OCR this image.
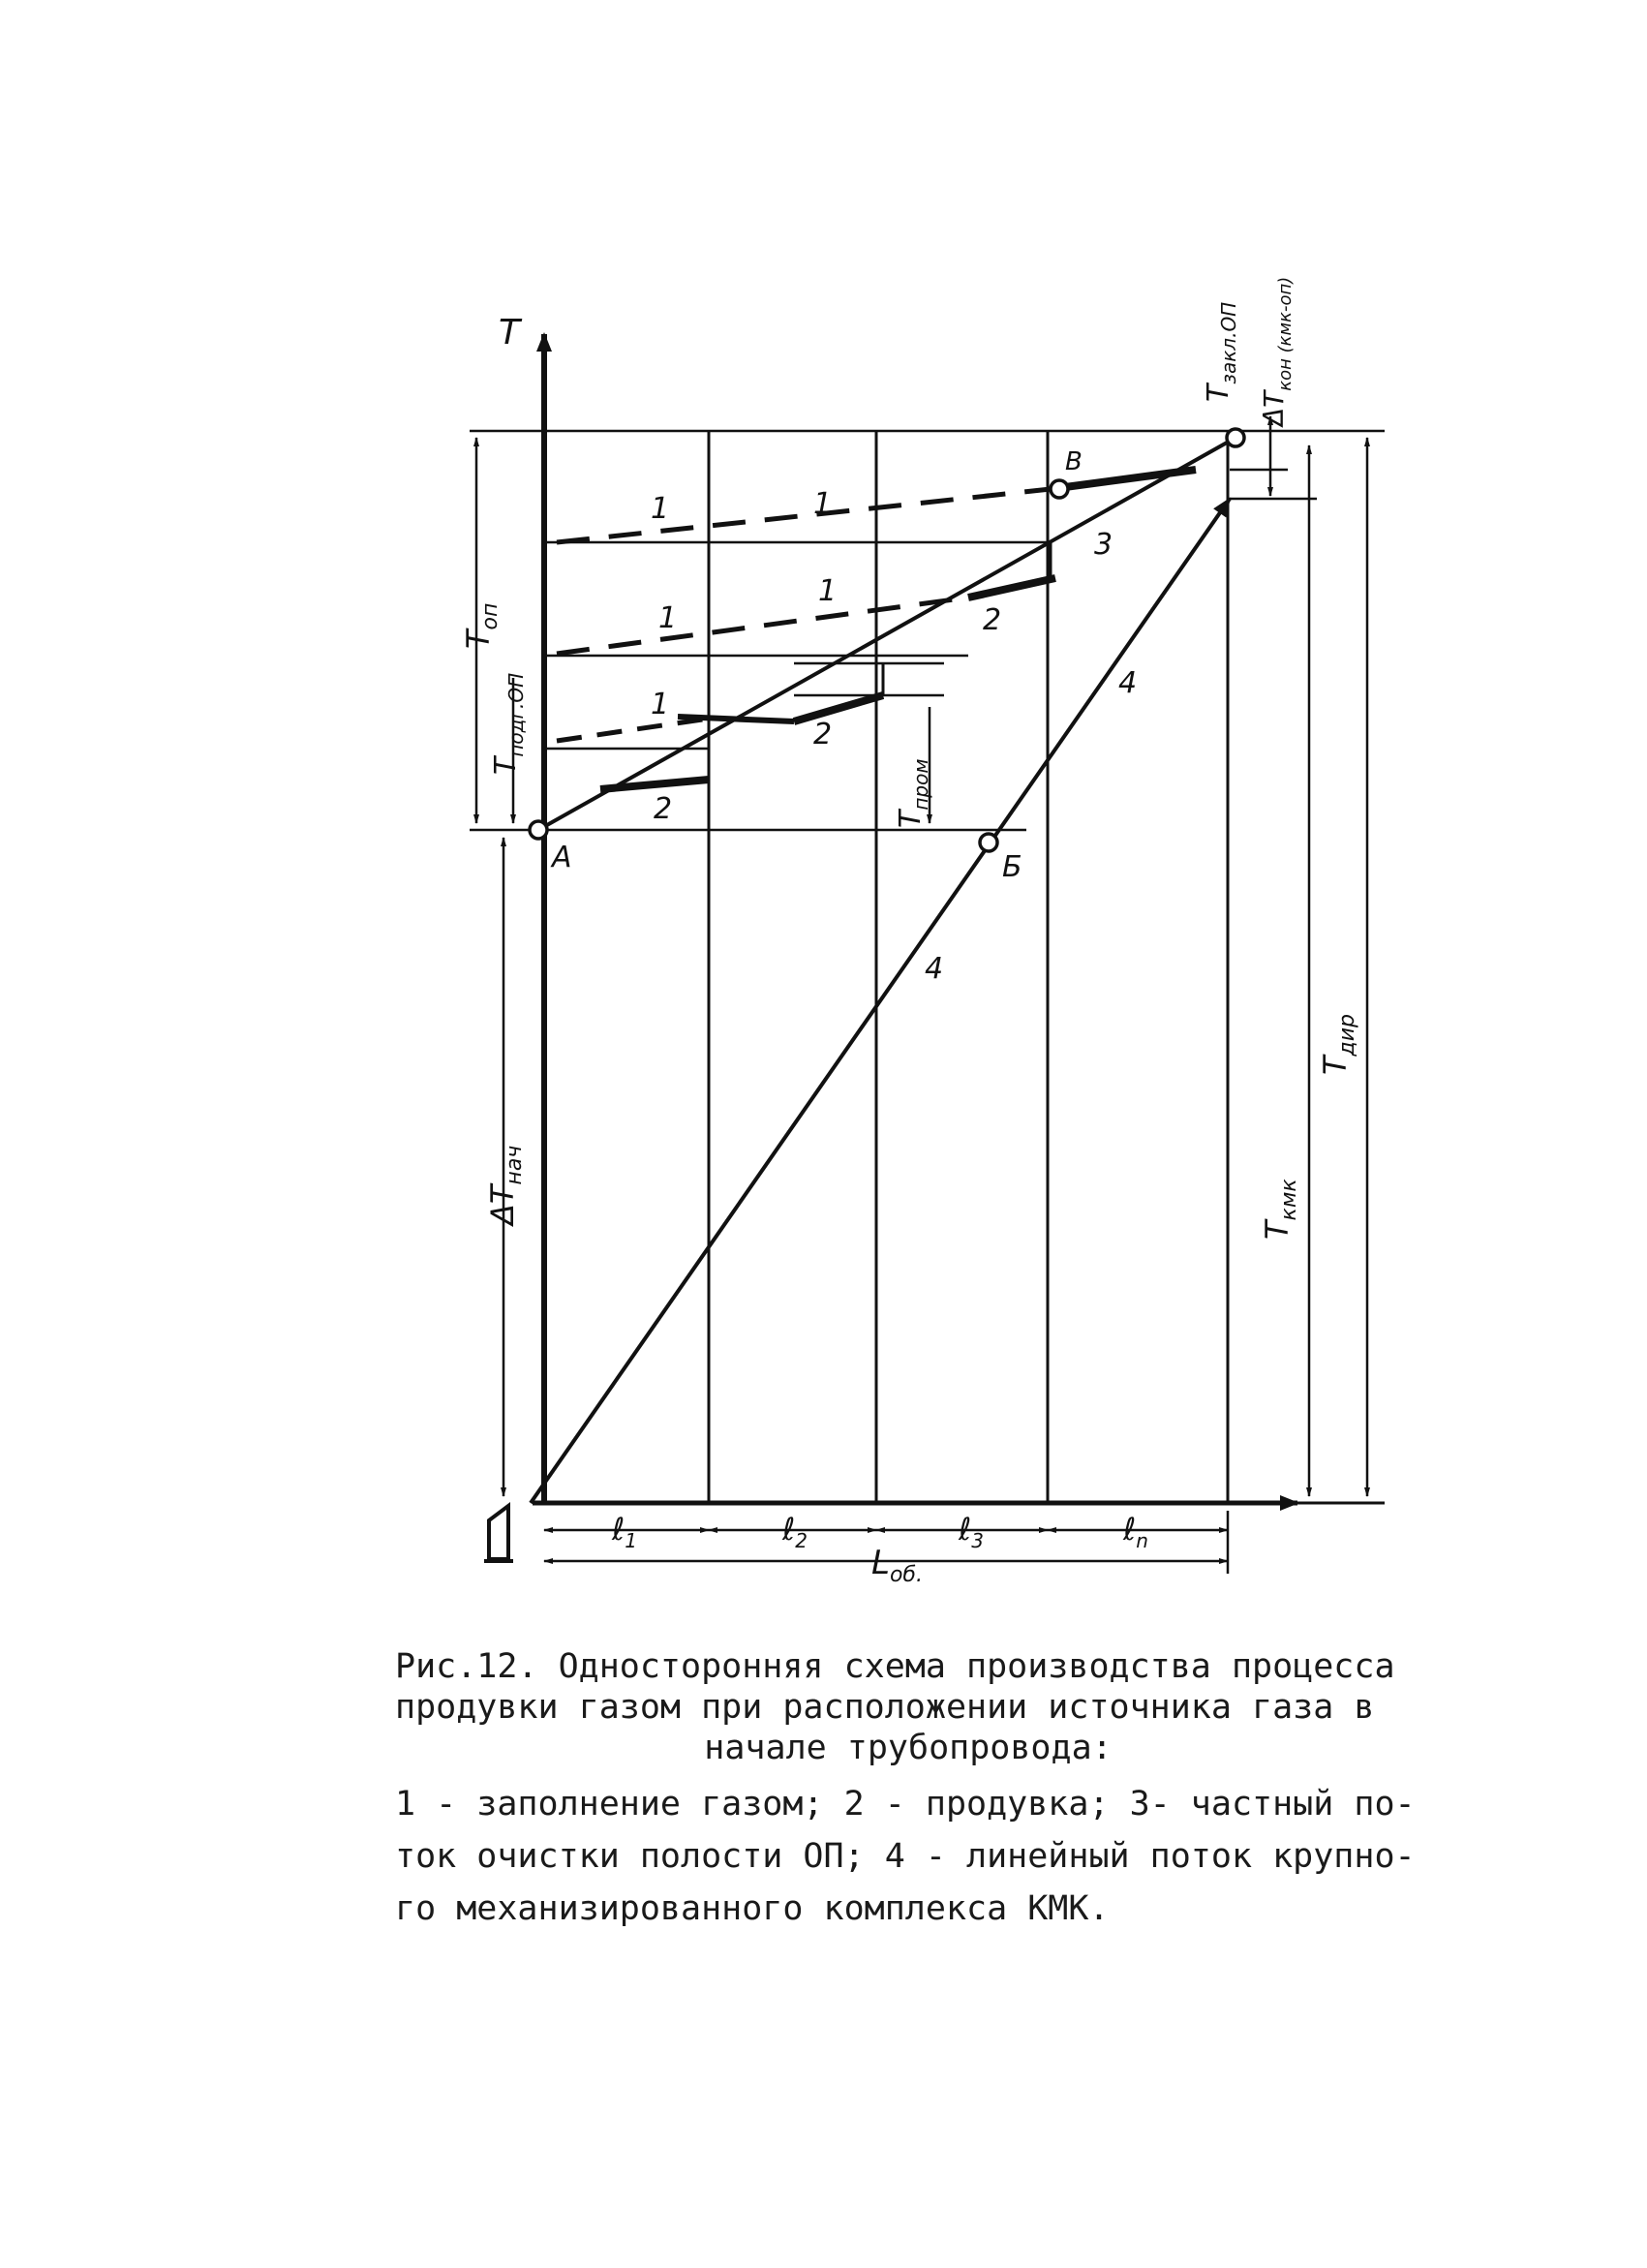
T
A	Б
В
$T_{оп}$
$T_{подг.ОП}$
$\Delta T_{нач}$
$T_{пром}$
$T_{закл.ОП}$
$\Delta T_{кон (кмк-оп)}$
$T_{кмк}$
$T_{дир}$
ℓ$_1$	ℓ$_2$	ℓ$_3$	ℓ$_n$
$L_{об.}$
1	1
1
1
1
2
2
2
3
4
4

Рис.12. Односторонняя схема производства процесса
продувки газом при расположении источника газа в
начале трубопровода:

1 - заполнение газом; 2 - продувка; 3- частный по-
ток очистки полости ОП; 4 - линейный поток крупно-
го механизированного комплекса КМК.
